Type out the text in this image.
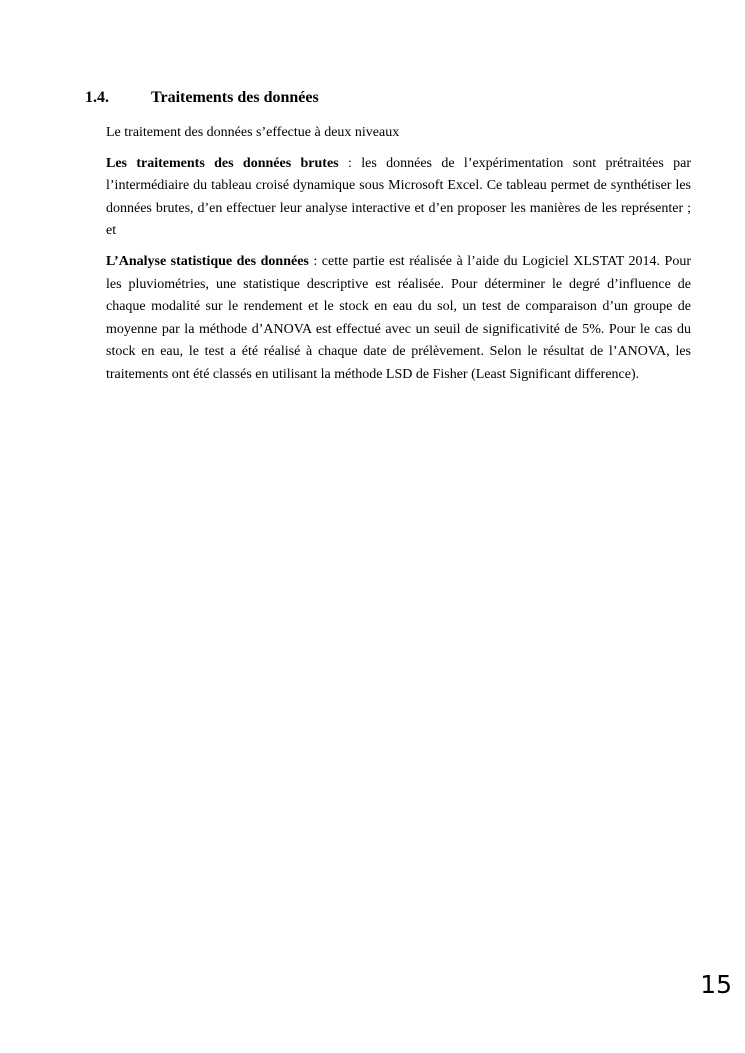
1.4.	Traitements des données

Le traitement des données s’effectue à deux niveaux

Les traitements des données brutes : les données de l’expérimentation sont prétraitées par l’intermédiaire du tableau croisé dynamique sous Microsoft Excel. Ce tableau permet de synthétiser les données brutes, d’en effectuer leur analyse interactive et d’en proposer les manières de les représenter ; et

L’Analyse statistique des données : cette partie est réalisée à l’aide du Logiciel XLSTAT 2014. Pour les pluviométries, une statistique descriptive est réalisée. Pour déterminer le degré d’influence de chaque modalité sur le rendement et le stock en eau du sol, un test de comparaison d’un groupe de moyenne par la méthode d’ANOVA est effectué avec un seuil de significativité de 5%. Pour le cas du stock en eau, le test a été réalisé à chaque date de prélèvement. Selon le résultat de l’ANOVA, les traitements ont été classés en utilisant la méthode LSD de Fisher (Least Significant difference).

15
